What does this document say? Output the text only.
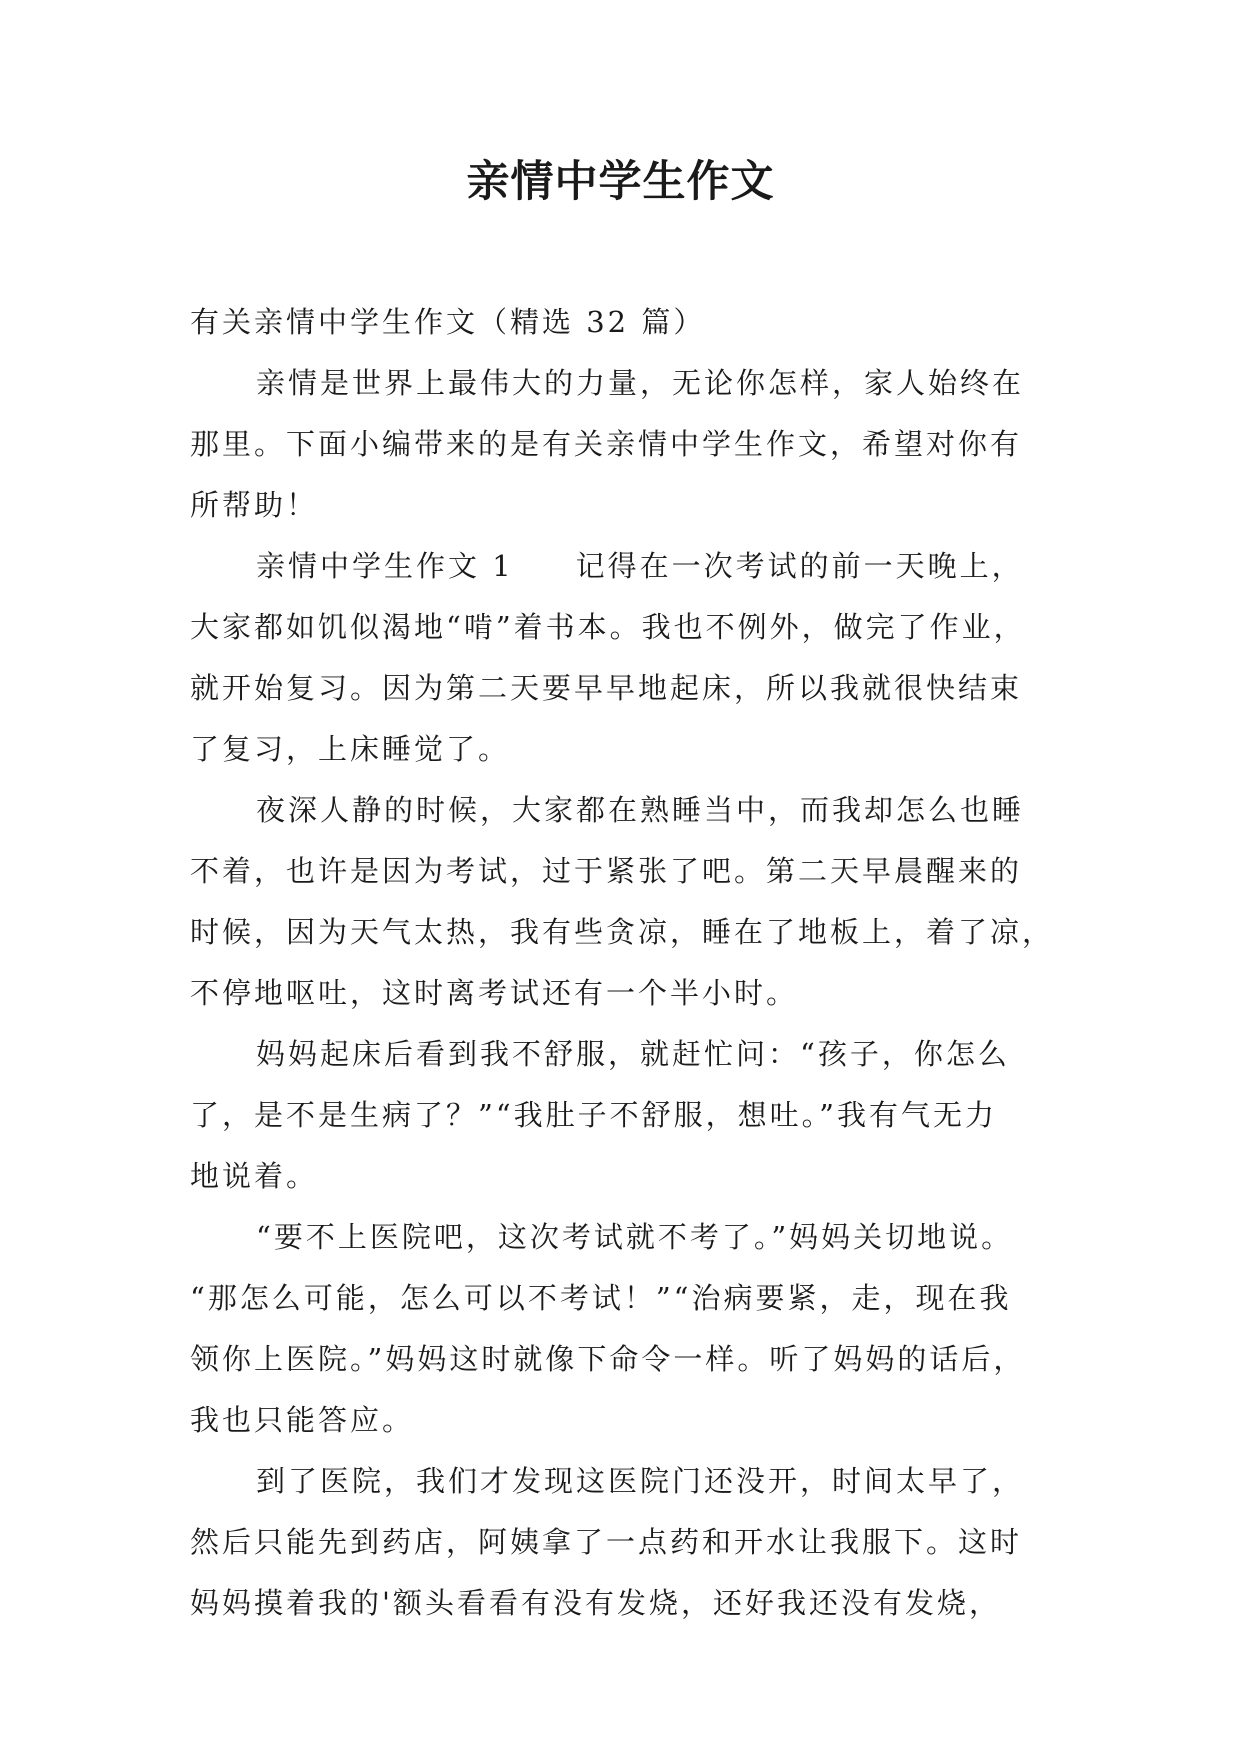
亲情中学生作文

有关亲情中学生作文（精选 32 篇）

亲情是世界上最伟大的力量，无论你怎样，家人始终在

那里。下面小编带来的是有关亲情中学生作文，希望对你有

所帮助！

亲情中学生作文 1 记得在一次考试的前一天晚上，

大家都如饥似渴地“啃”着书本。我也不例外，做完了作业，

就开始复习。因为第二天要早早地起床，所以我就很快结束

了复习，上床睡觉了。

夜深人静的时候，大家都在熟睡当中，而我却怎么也睡

不着，也许是因为考试，过于紧张了吧。第二天早晨醒来的

时候，因为天气太热，我有些贪凉，睡在了地板上，着了凉，

不停地呕吐，这时离考试还有一个半小时。

妈妈起床后看到我不舒服，就赶忙问：“孩子，你怎么

了，是不是生病了？”“我肚子不舒服，想吐。”我有气无力

地说着。

“要不上医院吧，这次考试就不考了。”妈妈关切地说。

“那怎么可能，怎么可以不考试！”“治病要紧，走，现在我

领你上医院。”妈妈这时就像下命令一样。听了妈妈的话后，

我也只能答应。

到了医院，我们才发现这医院门还没开，时间太早了，

然后只能先到药店，阿姨拿了一点药和开水让我服下。这时

妈妈摸着我的'额头看看有没有发烧，还好我还没有发烧，
